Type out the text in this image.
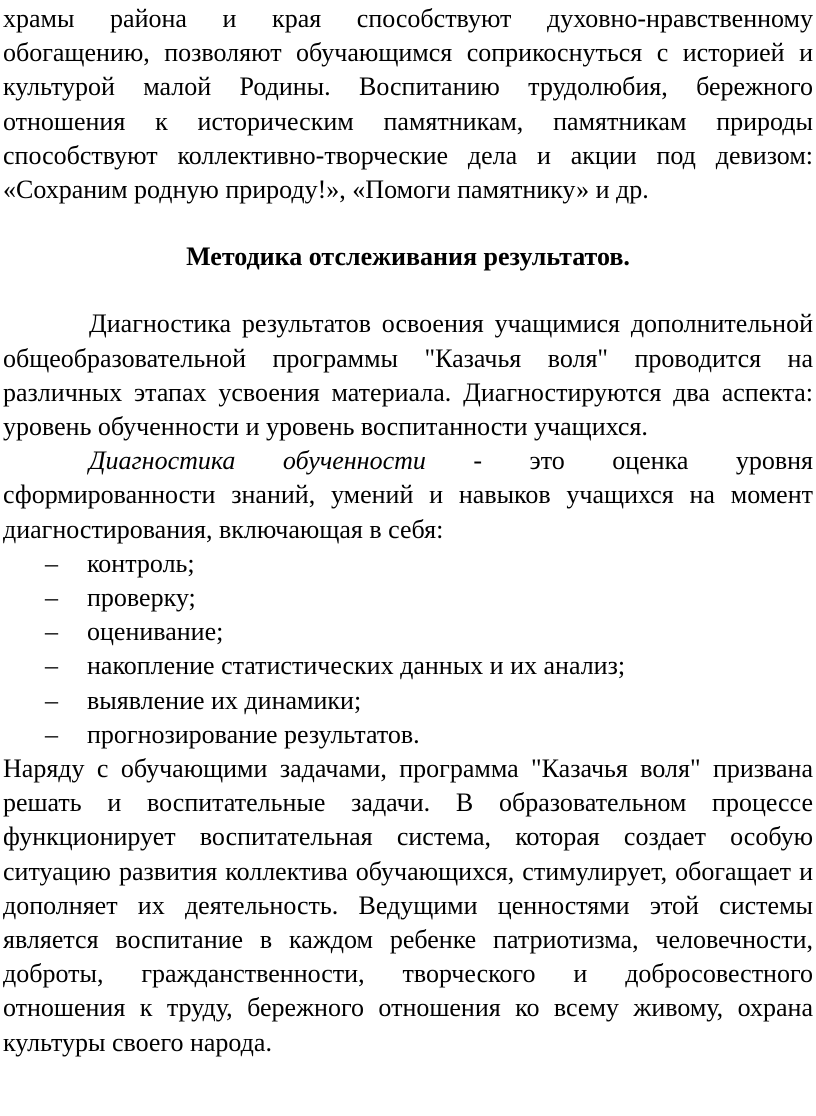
храмы района и края способствуют духовно-нравственному обогащению, позволяют обучающимся соприкоснуться с историей и культурой малой Родины. Воспитанию трудолюбия, бережного отношения к историческим памятникам, памятникам природы способствуют коллективно-творческие дела и акции под девизом: «Сохраним родную природу!», «Помоги памятнику» и др.

Методика отслеживания результатов.

Диагностика результатов освоения учащимися дополнительной общеобразовательной программы "Казачья воля" проводится на различных этапах усвоения материала. Диагностируются два аспекта: уровень обученности и уровень воспитанности учащихся.

Диагностика обученности - это оценка уровня сформированности знаний, умений и навыков учащихся на момент диагностирования, включающая в себя:

– контроль;
– проверку;
– оценивание;
– накопление статистических данных и их анализ;
– выявление их динамики;
– прогнозирование результатов.

Наряду с обучающими задачами, программа "Казачья воля" призвана решать и воспитательные задачи. В образовательном процессе функционирует воспитательная система, которая создает особую ситуацию развития коллектива обучающихся, стимулирует, обогащает и дополняет их деятельность. Ведущими ценностями этой системы является воспитание в каждом ребенке патриотизма, человечности, доброты, гражданственности, творческого и добросовестного отношения к труду, бережного отношения ко всему живому, охрана культуры своего народа.
